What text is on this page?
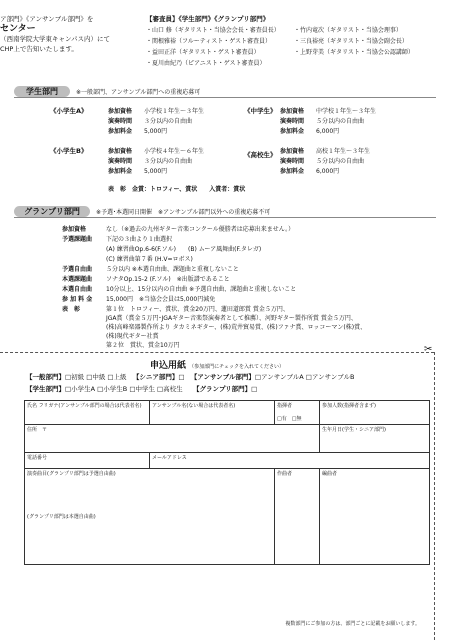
ア部門》《アンサンブル部門》を
センター
（西南学院大学東キャンパス内）にて
CHP上で告知いたします。
【審査員】《学生部門》《グランプリ部門》
・山口 修（ギタリスト・当協会会長・審査員長）
・関根雅裕（フルーティスト・ゲスト審査員）
・益田正洋（ギタリスト・ゲスト審査員）
・夏川由紀乃（ピアニスト・ゲスト審査員）
・竹内竜次（ギタリスト・当協会理事）
・三良裕亮（ギタリスト・当協会副会長）
・上野芽美（ギタリスト・当協会公認講師）
学生部門	※一般部門、アンサンブル部門への重複応募可
《小学生A》	参加資格 小学校１年生～３年生
演奏時間 ３分以内の自由曲
参加料金 5,000円
《中学生》 参加資格 中学校１年生～３年生
演奏時間 ５分以内の自由曲
参加料金 6,000円
《小学生B》	参加資格 小学校４年生～６年生
演奏時間 ３分以内の自由曲
参加料金 5,000円
《高校生》 参加資格 高校１年生～３年生
演奏時間 ５分以内の自由曲
参加料金 6,000円
表　彰　金賞：トロフィー、賞状　　入賞者：賞状
グランプリ部門	※予選･本選同日開催　※アンサンブル部門以外への重複応募不可
参加資格	なし（※過去の九州ギター音楽コンクール優勝者は応募出来ません。）
予選課題曲 下記の３曲より１曲選択
(A) 練習曲Op.6-6(F.ソル)　　(B) ムーア風舞曲(F.タレガ)
(C) 練習曲第７番 (H.V=ロボス)
予選自由曲 ５分以内 ※本選自由曲、課題曲と重複しないこと
本選課題曲 ソナタOp.15-2 (F.ソル)　※出版譜であること
本選自由曲 10分以上、15分以内の自由曲 ※予選自由曲、課題曲と重複しないこと
参 加 料 金 15,000円　※当協会会員は5,000円減免
表　彰	第１位　トロフィー、賞状、賞金20万円、蓮田道郎賞 賞金５万円、
JGA賞（賞金５万円･JGAギター音楽祭演奏者として推薦）、河野ギター製作所賞 賞金５万円、
(株)高峰楽器製作所より タカミネギター、(株)荒井貿易賞、(株)ファナ賞、ロッコーマン(株)賞、
(株)現代ギター社賞
第２位　賞状、賞金10万円	✂
申込用紙 （参加部門にチェックを入れてください）
【一般部門】□初級 □中級 □上級 【シニア部門】□ 【アンサンブル部門】□アンサンブルA □アンサンブルB
【学生部門】□小学生A □小学生B □中学生 □高校生 【グランプリ部門】□
氏名 フリガナ(アンサンブル部門の場合は代表者名)	アンサンブル名(ない場合は代表者名)	指揮者

□有　□無	参加人数(指揮者含まず)
住所　〒			生年月日(学生・シニア部門)
電話番号	メールアドレス		
演奏曲目(グランプリ部門は予選自由曲)

(グランプリ部門は本選自由曲)		作曲者	編曲者
複数部門にご参加の方は、部門ごとに記載をお願いします。
